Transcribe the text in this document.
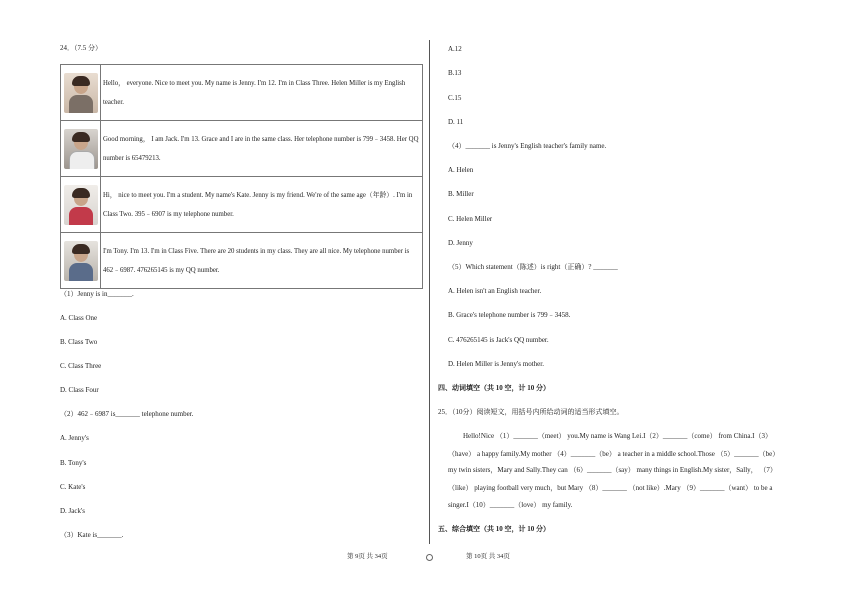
24．（7.5 分）
	Hello， everyone. Nice to meet you. My name is Jenny. I'm 12. I'm in Class Three. Helen Miller is my English teacher.

	Good morning， I am Jack. I'm 13. Grace and I are in the same class. Her telephone number is 799﹣3458. Her QQ number is 65479213.

	Hi， nice to meet you. I'm a student. My name's Kate. Jenny is my friend. We're of the same age（年龄）. I'm in Class Two. 395﹣6907 is my telephone number.

	I'm Tony. I'm 13. I'm in Class Five. There are 20 students in my class. They are all nice. My telephone number is 462﹣6987. 476265145 is my QQ number.
（1）Jenny is in_______.
A. Class One
B. Class Two
C. Class Three
D. Class Four
（2）462﹣6987 is_______ telephone number.
A. Jenny's
B. Tony's
C. Kate's
D. Jack's
（3）Kate is_______.
A.12
B.13
C.15
D. 11
（4）_______ is Jenny's English teacher's family name.
A. Helen
B. Miller
C. Helen Miller
D. Jenny
（5）Which statement（陈述）is right（正确）? _______
A. Helen isn't an English teacher.
B. Grace's telephone number is 799﹣3458.
C. 476265145 is Jack's QQ number.
D. Helen Miller is Jenny's mother.
四、动词填空（共 10 空，计 10 分）
25．（10分）阅读短文，用括号内所给动词的适当形式填空。
Hello!Nice （1）_______（meet） you.My name is Wang Lei.I（2）_______（come） from China.I（3）
（have） a happy family.My mother （4）_______（be） a teacher in a middle school.Those （5）_______（be）
my twin sisters，Mary and Sally.They can （6）_______（say） many things in English.My sister，Sally， （7）
（like） playing football very much，but Mary （8）_______ （not like）.Mary （9）_______（want） to be a
singer.I（10）_______（love） my family.
五、综合填空（共 10 空，计 10 分）
第 9页 共 34页	第 10页 共 34页
